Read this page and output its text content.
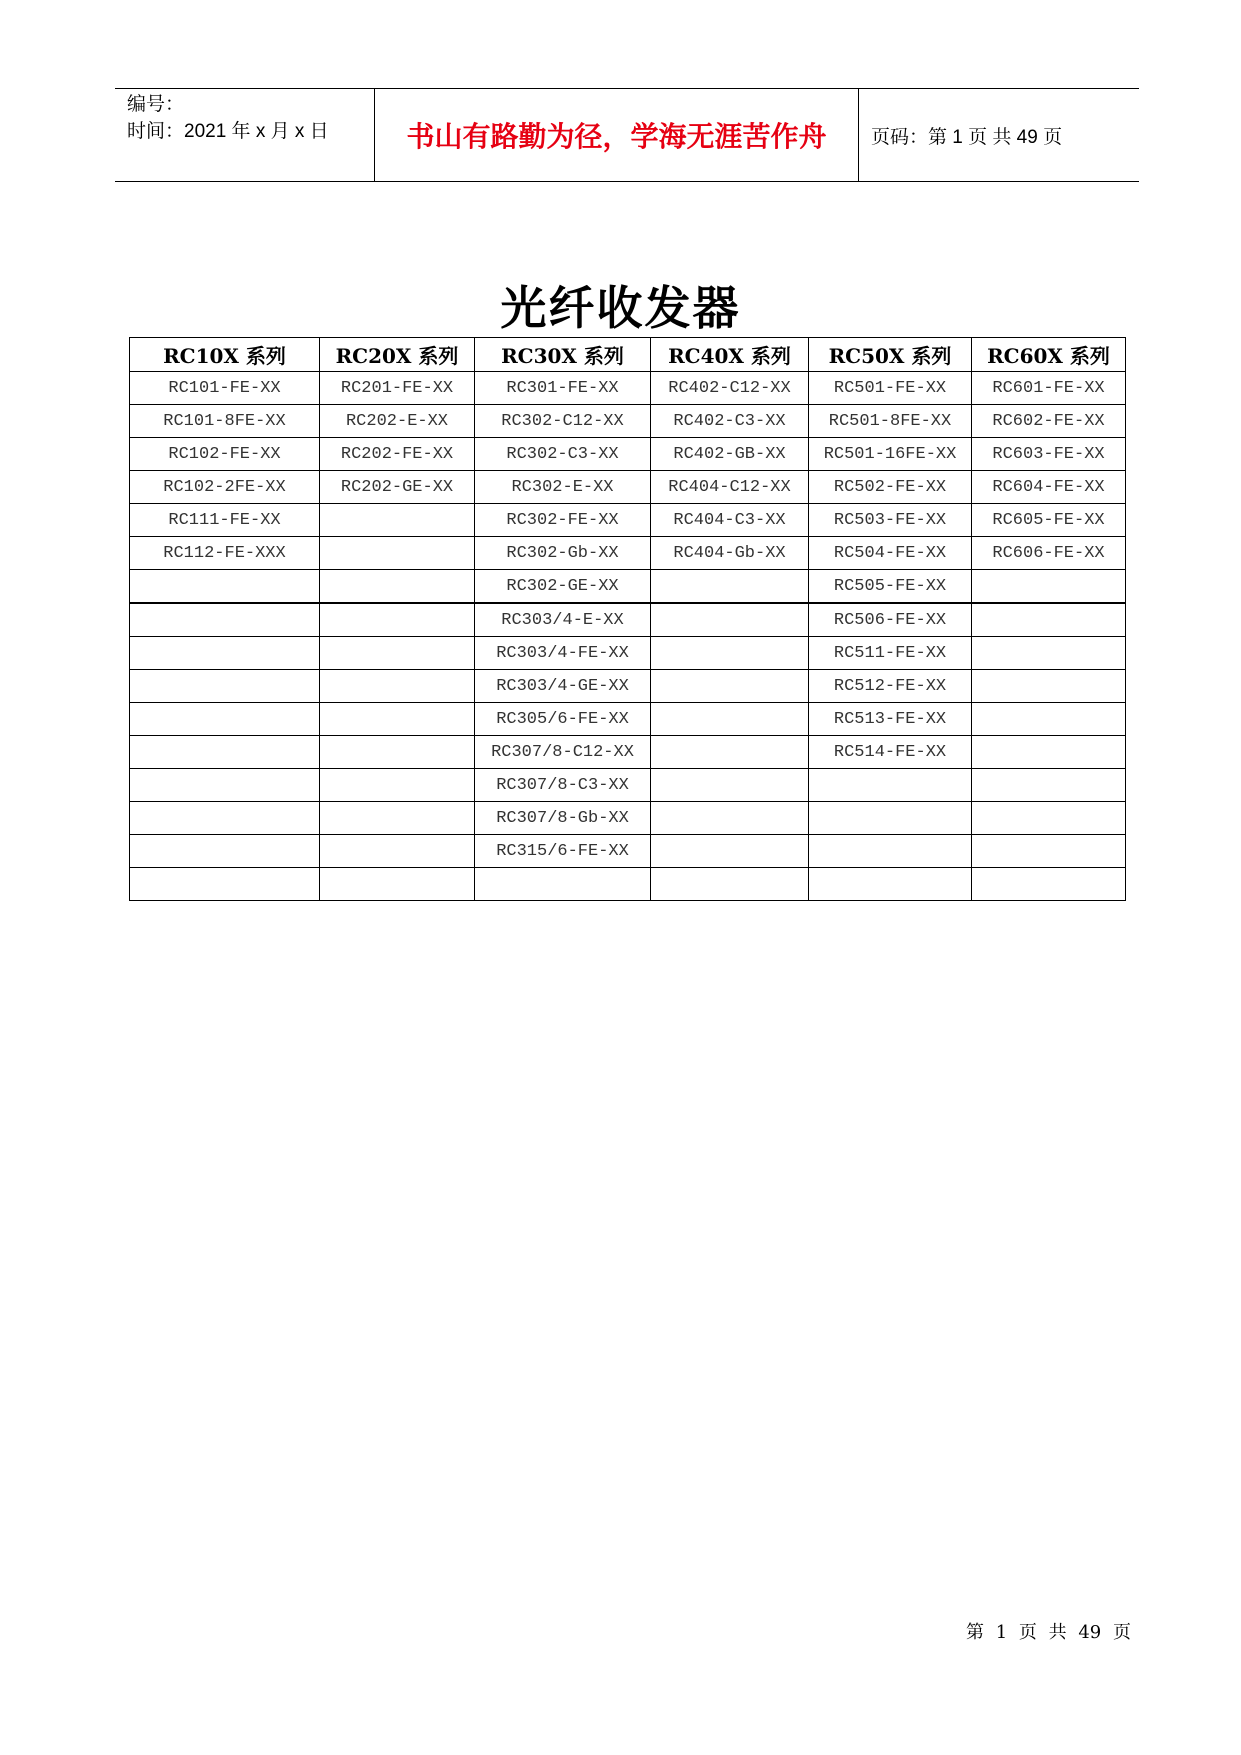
编号：
时间：2021 年 x 月 x 日	书山有路勤为径，学海无涯苦作舟 页码：第 1 页 共 49 页
光纤收发器
RC10X 系列	RC20X 系列	RC30X 系列	RC40X 系列	RC50X 系列	RC60X 系列
RC101-FE-XX	RC201-FE-XX	RC301-FE-XX	RC402-C12-XX	RC501-FE-XX	RC601-FE-XX
RC101-8FE-XX	RC202-E-XX	RC302-C12-XX	RC402-C3-XX	RC501-8FE-XX	RC602-FE-XX
RC102-FE-XX	RC202-FE-XX	RC302-C3-XX	RC402-GB-XX	RC501-16FE-XX	RC603-FE-XX
RC102-2FE-XX	RC202-GE-XX	RC302-E-XX	RC404-C12-XX	RC502-FE-XX	RC604-FE-XX
RC111-FE-XX		RC302-FE-XX	RC404-C3-XX	RC503-FE-XX	RC605-FE-XX
RC112-FE-XXX		RC302-Gb-XX	RC404-Gb-XX	RC504-FE-XX	RC606-FE-XX
		RC302-GE-XX		RC505-FE-XX	
		RC303/4-E-XX		RC506-FE-XX	
		RC303/4-FE-XX		RC511-FE-XX	
		RC303/4-GE-XX		RC512-FE-XX	
		RC305/6-FE-XX		RC513-FE-XX	
		RC307/8-C12-XX		RC514-FE-XX	
		RC307/8-C3-XX			
		RC307/8-Gb-XX			
		RC315/6-FE-XX			

第 1 页 共 49 页
